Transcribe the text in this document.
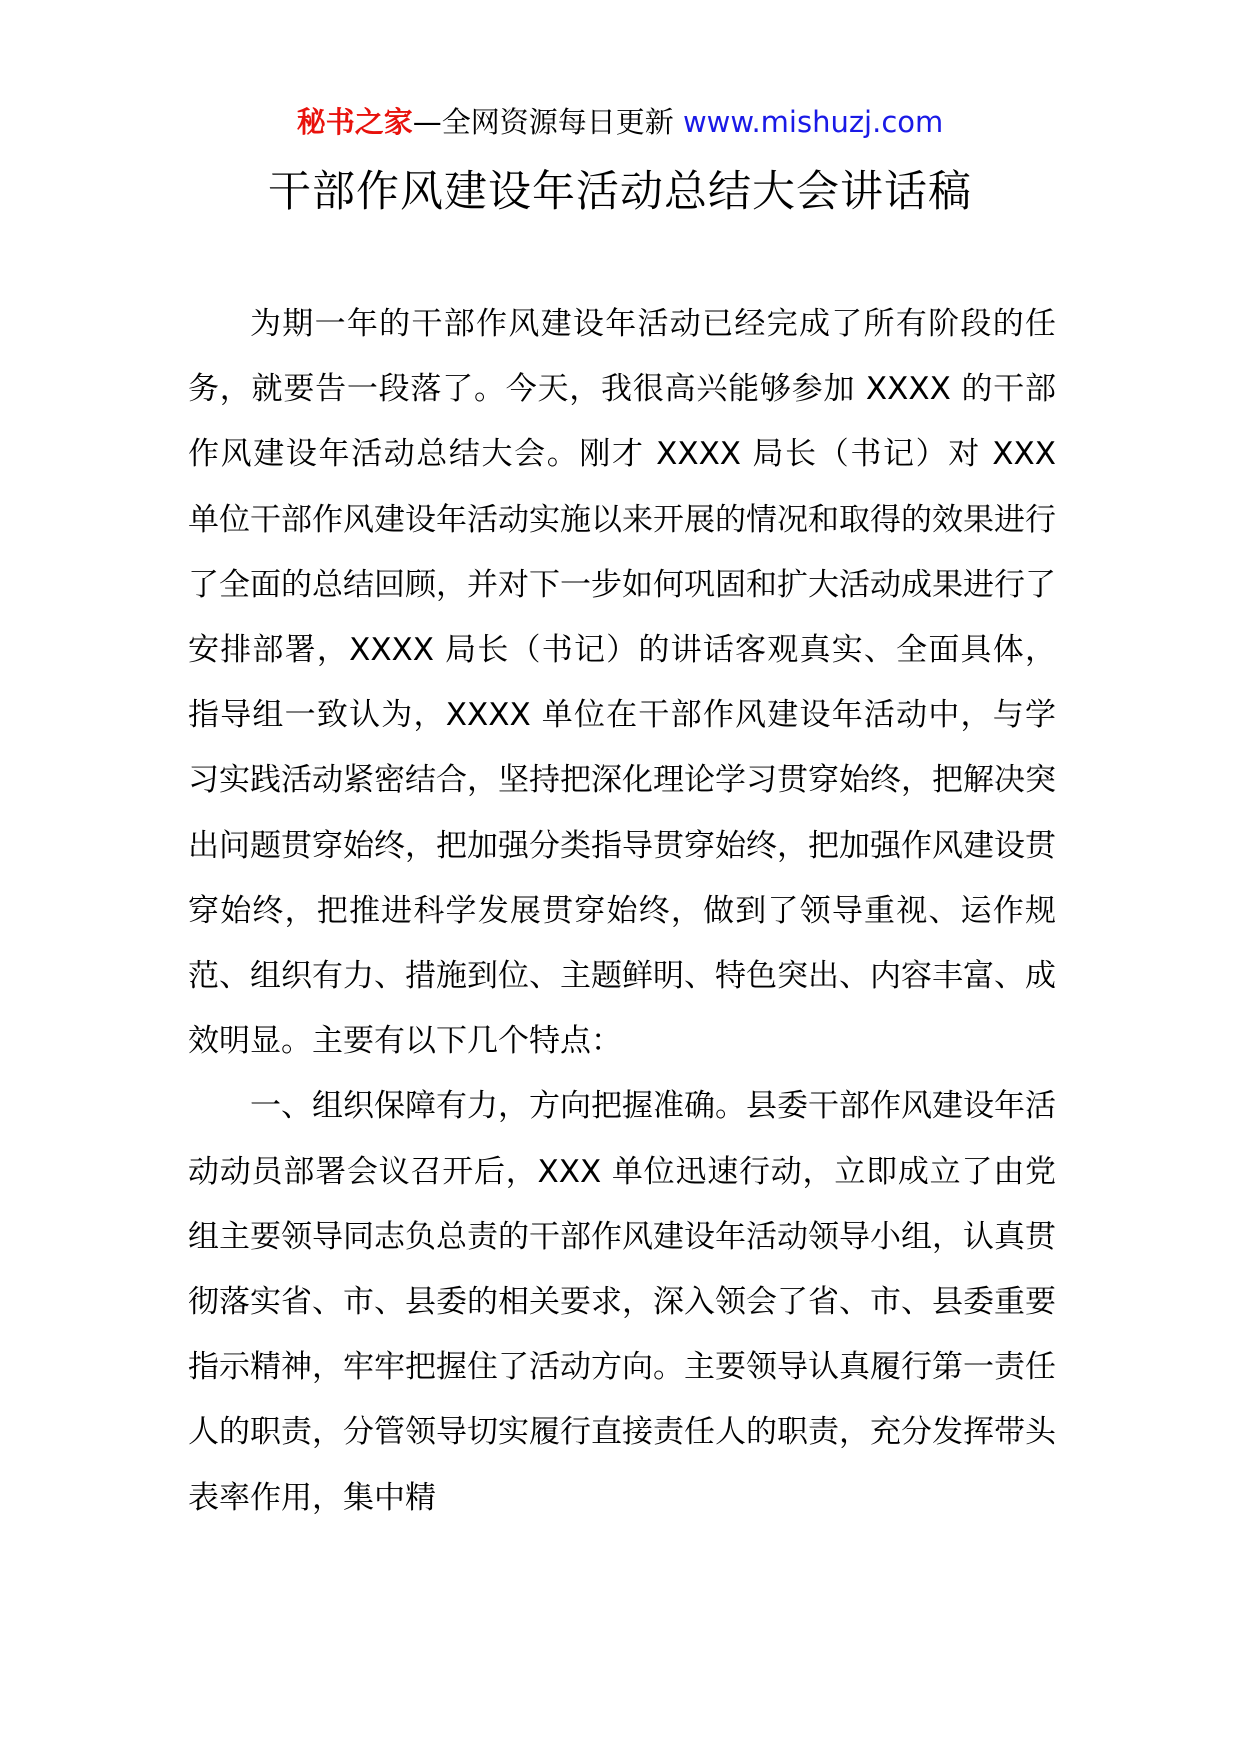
秘书之家—全网资源每日更新 www.mishuzj.com
干部作风建设年活动总结大会讲话稿

为期一年的干部作风建设年活动已经完成了所有阶段的任务，就要告一段落了。今天，我很高兴能够参加 XXXX 的干部作风建设年活动总结大会。刚才 XXXX 局长（书记）对 XXX 单位干部作风建设年活动实施以来开展的情况和取得的效果进行了全面的总结回顾，并对下一步如何巩固和扩大活动成果进行了安排部署，XXXX 局长（书记）的讲话客观真实、全面具体，指导组一致认为，XXXX 单位在干部作风建设年活动中，与学习实践活动紧密结合，坚持把深化理论学习贯穿始终，把解决突出问题贯穿始终，把加强分类指导贯穿始终，把加强作风建设贯穿始终，把推进科学发展贯穿始终，做到了领导重视、运作规范、组织有力、措施到位、主题鲜明、特色突出、内容丰富、成效明显。主要有以下几个特点：

一、组织保障有力，方向把握准确。县委干部作风建设年活动动员部署会议召开后，XXX 单位迅速行动，立即成立了由党组主要领导同志负总责的干部作风建设年活动领导小组，认真贯彻落实省、市、县委的相关要求，深入领会了省、市、县委重要指示精神，牢牢把握住了活动方向。主要领导认真履行第一责任人的职责，分管领导切实履行直接责任人的职责，充分发挥带头表率作用，集中精
